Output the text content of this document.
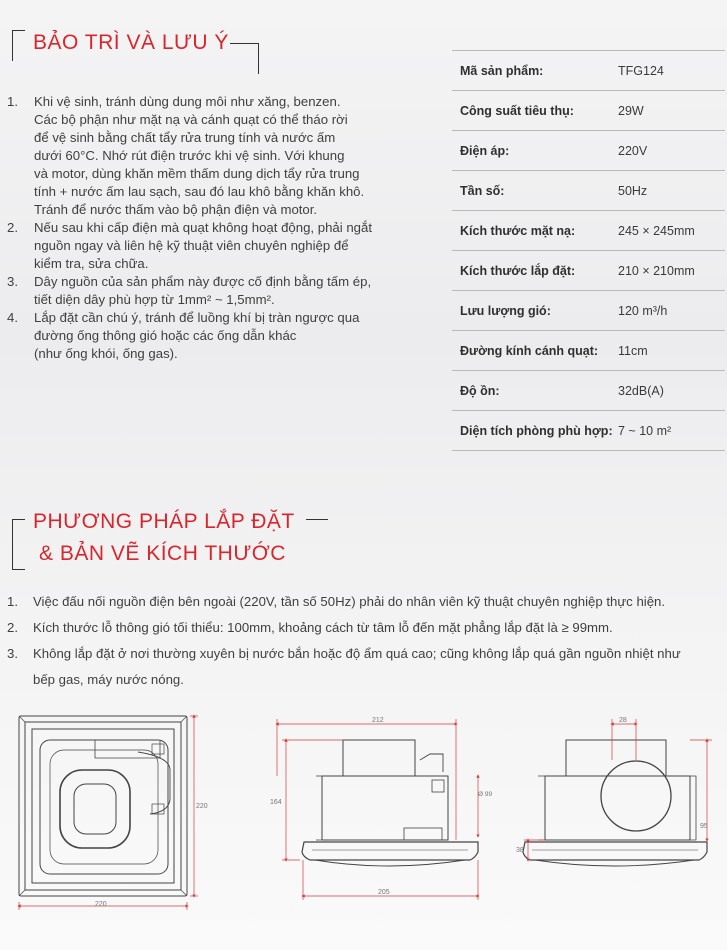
BẢO TRÌ VÀ LƯU Ý
1. Khi vệ sinh, tránh dùng dung môi như xăng, benzen.
Các bộ phận như mặt nạ và cánh quạt có thể tháo rời
để vệ sinh bằng chất tẩy rửa trung tính và nước ấm
dưới 60°C. Nhớ rút điện trước khi vệ sinh. Với khung
và motor, dùng khăn mềm thấm dung dịch tẩy rửa trung
tính + nước ấm lau sạch, sau đó lau khô bằng khăn khô.
Tránh để nước thấm vào bộ phận điện và motor.
2. Nếu sau khi cấp điện mà quạt không hoạt động, phải ngắt
nguồn ngay và liên hệ kỹ thuật viên chuyên nghiệp để
kiểm tra, sửa chữa.
3. Dây nguồn của sản phẩm này được cố định bằng tấm ép,
tiết diện dây phù hợp từ 1mm² ~ 1,5mm².
4. Lắp đặt cần chú ý, tránh để luồng khí bị tràn ngược qua
đường ống thông gió hoặc các ống dẫn khác
(như ống khói, ống gas).
Mã sản phẩm:	TFG124
Công suất tiêu thụ:	29W
Điện áp:	220V
Tần số:	50Hz
Kích thước mặt nạ:	245 × 245mm
Kích thước lắp đặt:	210 × 210mm
Lưu lượng gió:	120 m³/h
Đường kính cánh quạt:	11cm
Độ ồn:	32dB(A)
Diện tích phòng phù hợp:	7 ~ 10 m²
PHƯƠNG PHÁP LẮP ĐẶT
& BẢN VẼ KÍCH THƯỚC
1. Việc đấu nối nguồn điện bên ngoài (220V, tần số 50Hz) phải do nhân viên kỹ thuật chuyên nghiệp thực hiện.
2. Kích thước lỗ thông gió tối thiểu: 100mm, khoảng cách từ tâm lỗ đến mặt phẳng lắp đặt là ≥ 99mm.
3. Không lắp đặt ở nơi thường xuyên bị nước bắn hoặc độ ẩm quá cao; cũng không lắp quá gần nguồn nhiệt như
bếp gas, máy nước nóng.
220
220
212
164
Ø 99
205
28
95
38
